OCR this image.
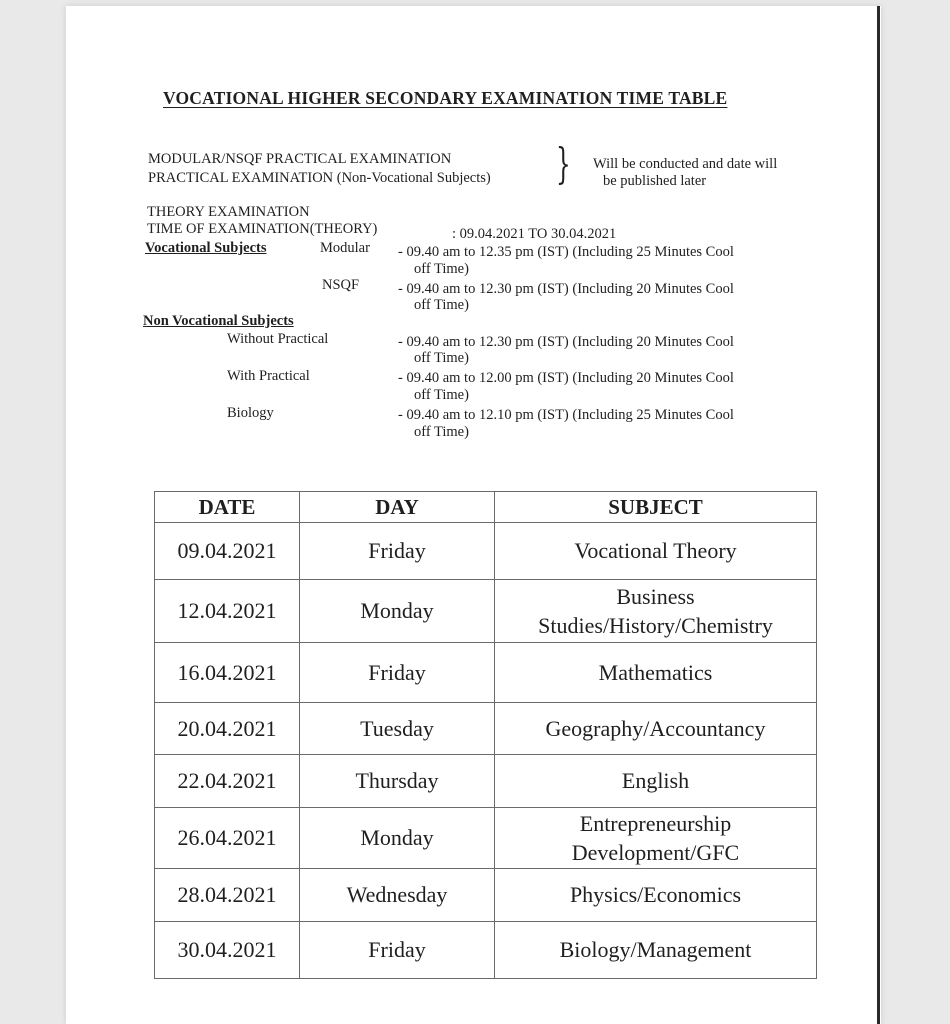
VOCATIONAL HIGHER SECONDARY EXAMINATION TIME TABLE
MODULAR/NSQF PRACTICAL EXAMINATION
PRACTICAL EXAMINATION (Non-Vocational Subjects) } Will be conducted and date will
be published later
THEORY EXAMINATION
TIME OF EXAMINATION(THEORY)	: 09.04.2021 TO 30.04.2021
Vocational Subjects	Modular - 09.40 am to 12.35 pm (IST) (Including 25 Minutes Cool
off Time)
NSQF	- 09.40 am to 12.30 pm (IST) (Including 20 Minutes Cool
off Time)
Non Vocational Subjects
Without Practical	- 09.40 am to 12.30 pm (IST) (Including 20 Minutes Cool
off Time)
With Practical	- 09.40 am to 12.00 pm (IST) (Including 20 Minutes Cool
off Time)
Biology	- 09.40 am to 12.10 pm (IST) (Including 25 Minutes Cool
off Time)
DATE	DAY	SUBJECT
09.04.2021	Friday	Vocational Theory
12.04.2021	Monday	Business
Studies/History/Chemistry

16.04.2021	Friday	Mathematics
20.04.2021	Tuesday	Geography/Accountancy
22.04.2021	Thursday	English
26.04.2021	Monday	Entrepreneurship
Development/GFC

28.04.2021	Wednesday	Physics/Economics
30.04.2021	Friday	Biology/Management
